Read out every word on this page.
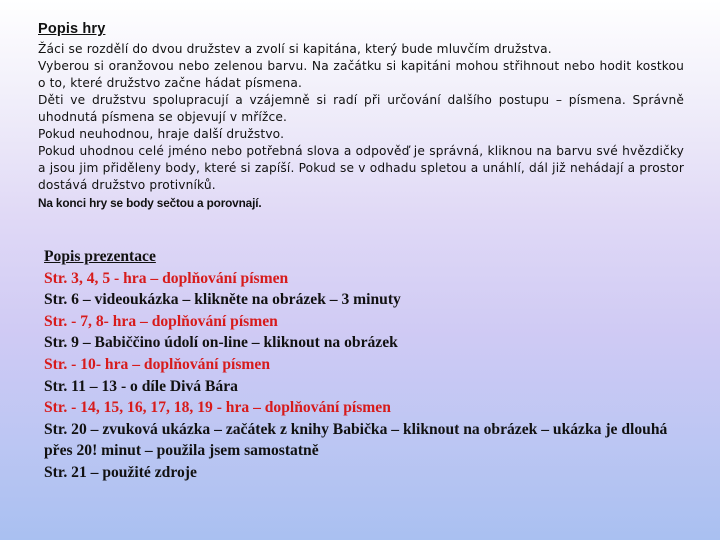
Popis hry

Žáci se rozdělí do dvou družstev a zvolí si kapitána, který bude mluvčím družstva.

Vyberou si oranžovou nebo zelenou barvu. Na začátku si kapitáni mohou střihnout nebo hodit kostkou o to, které družstvo začne hádat písmena.

Děti ve družstvu spolupracují a vzájemně si radí při určování dalšího postupu – písmena. Správně uhodnutá písmena se objevují v mřížce.

Pokud neuhodnou, hraje další družstvo.

Pokud uhodnou celé jméno nebo potřebná slova a odpověď je správná, kliknou na barvu své hvězdičky a jsou jim přiděleny body, které si zapíší. Pokud se v odhadu spletou a unáhlí, dál již nehádají a prostor dostává družstvo protivníků.

Na konci hry se body sečtou a porovnají.

Popis prezentace
Str. 3, 4, 5 - hra – doplňování písmen
Str. 6 – videoukázka – klikněte na obrázek – 3 minuty
Str. - 7, 8- hra – doplňování písmen
Str. 9 – Babiččino údolí on-line – kliknout na obrázek
Str. - 10- hra – doplňování písmen
Str. 11 – 13 - o díle Divá Bára
Str. - 14, 15, 16, 17, 18, 19 - hra – doplňování písmen
Str. 20 – zvuková ukázka – začátek z knihy Babička – kliknout na obrázek – ukázka je dlouhá přes 20! minut – použila jsem samostatně
Str. 21 – použité zdroje
